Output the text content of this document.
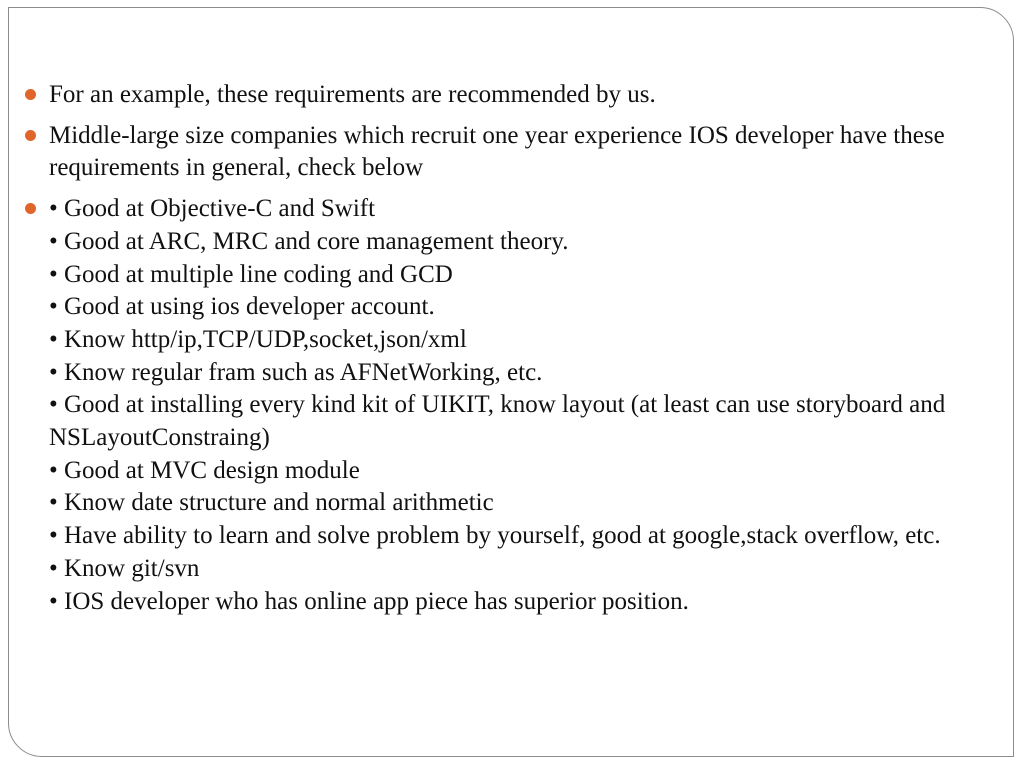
For an example, these requirements are recommended by us.
Middle-large size companies which recruit one year experience IOS developer have these requirements in general, check below
• Good at Objective-C and Swift
• Good at ARC, MRC and core management theory.
• Good at multiple line coding and GCD
• Good at using ios developer account.
• Know http/ip,TCP/UDP,socket,json/xml
• Know regular fram such as AFNetWorking, etc.
• Good at installing every kind kit of UIKIT, know layout (at least can use storyboard and NSLayoutConstraing)
• Good at MVC design module
• Know date structure and normal arithmetic
• Have ability to learn and solve problem by yourself, good at google,stack overflow, etc.
• Know git/svn
• IOS developer who has online app piece has superior position.
